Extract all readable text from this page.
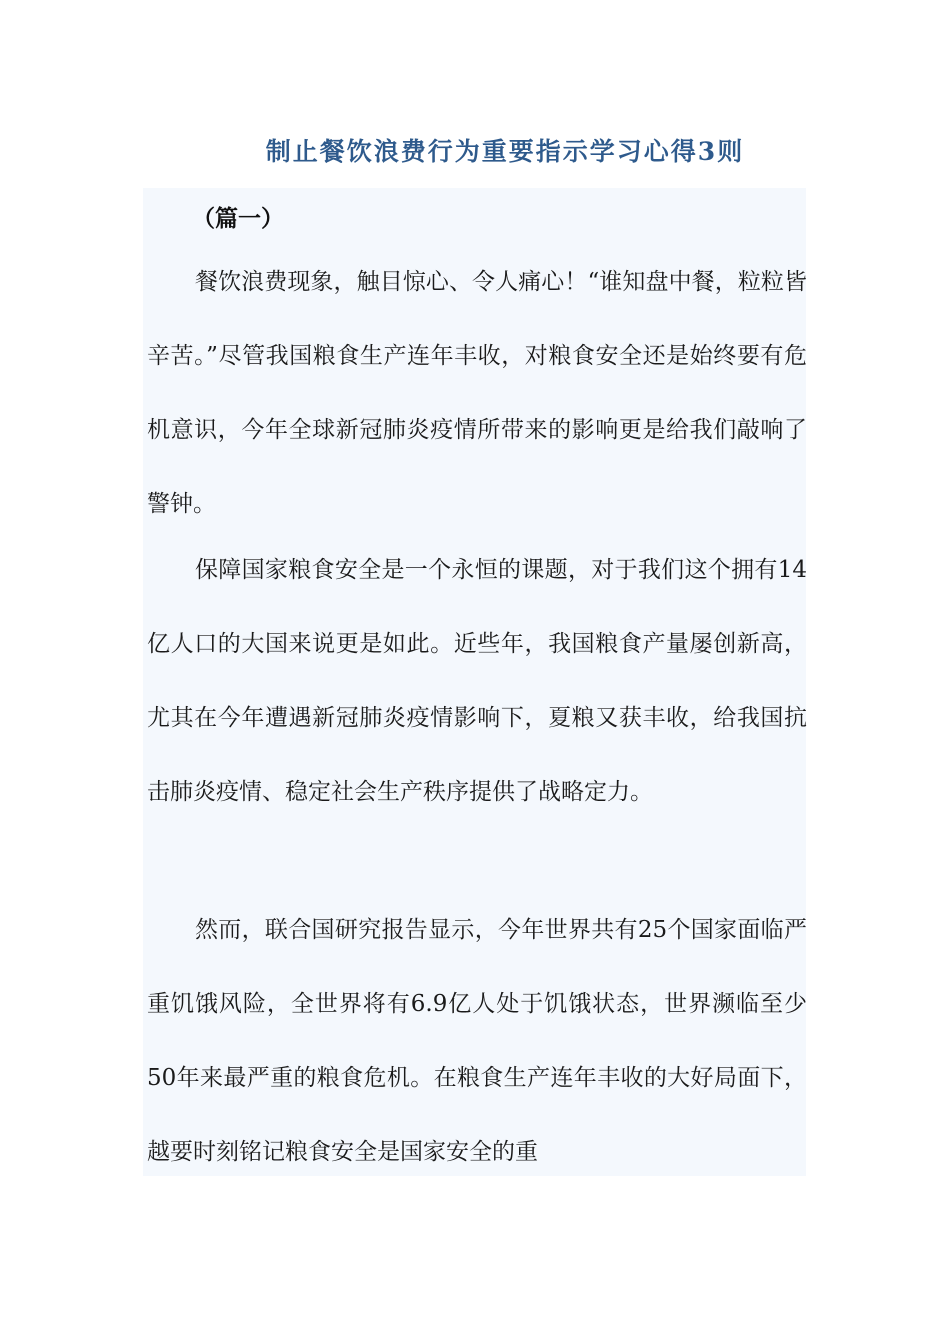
制止餐饮浪费行为重要指示学习心得3则
（篇一）

餐饮浪费现象，触目惊心、令人痛心！“谁知盘中餐，粒粒皆辛苦。”尽管我国粮食生产连年丰收，对粮食安全还是始终要有危机意识，今年全球新冠肺炎疫情所带来的影响更是给我们敲响了警钟。

保障国家粮食安全是一个永恒的课题，对于我们这个拥有14亿人口的大国来说更是如此。近些年，我国粮食产量屡创新高，尤其在今年遭遇新冠肺炎疫情影响下，夏粮又获丰收，给我国抗击肺炎疫情、稳定社会生产秩序提供了战略定力。

然而，联合国研究报告显示，今年世界共有25个国家面临严重饥饿风险，全世界将有6.9亿人处于饥饿状态，世界濒临至少50年来最严重的粮食危机。在粮食生产连年丰收的大好局面下，越要时刻铭记粮食安全是国家安全的重
